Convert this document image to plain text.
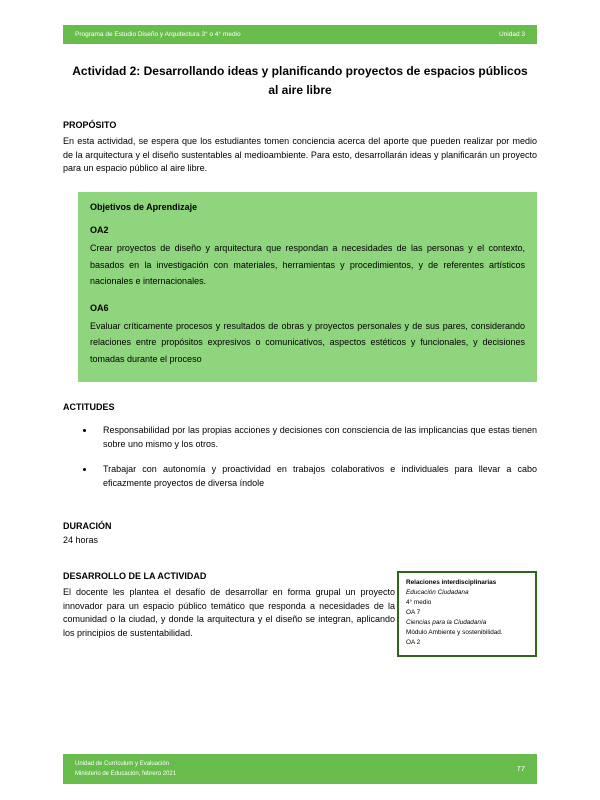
Programa de Estudio Diseño y Arquitectura 3° o 4° medio	Unidad 3
Actividad 2: Desarrollando ideas y planificando proyectos de espacios públicos al aire libre
PROPÓSITO

En esta actividad, se espera que los estudiantes tomen conciencia acerca del aporte que pueden realizar por medio de la arquitectura y el diseño sustentables al medioambiente. Para esto, desarrollarán ideas y planificarán un proyecto para un espacio público al aire libre.

Objetivos de Aprendizaje
OA2

Crear proyectos de diseño y arquitectura que respondan a necesidades de las personas y el contexto, basados en la investigación con materiales, herramientas y procedimientos, y de referentes artísticos nacionales e internacionales.

OA6

Evaluar críticamente procesos y resultados de obras y proyectos personales y de sus pares, considerando relaciones entre propósitos expresivos o comunicativos, aspectos estéticos y funcionales, y decisiones tomadas durante el proceso

ACTITUDES
• Responsabilidad por las propias acciones y decisiones con consciencia de las implicancias que estas tienen sobre uno mismo y los otros.
• Trabajar con autonomía y proactividad en trabajos colaborativos e individuales para llevar a cabo eficazmente proyectos de diversa índole
DURACIÓN

24 horas

DESARROLLO DE LA ACTIVIDAD

El docente les plantea el desafío de desarrollar en forma grupal un proyecto innovador para un espacio público temático que responda a necesidades de la comunidad o la ciudad, y donde la arquitectura y el diseño se integran, aplicando los principios de sustentabilidad.

Relaciones interdisciplinarias
Educación Ciudadana
4° medio
OA 7
Ciencias para la Ciudadanía
Módulo Ambiente y sostenibilidad.
OA 2
Unidad de Currículum y Evaluación
Ministerio de Educación, febrero 2021
77
